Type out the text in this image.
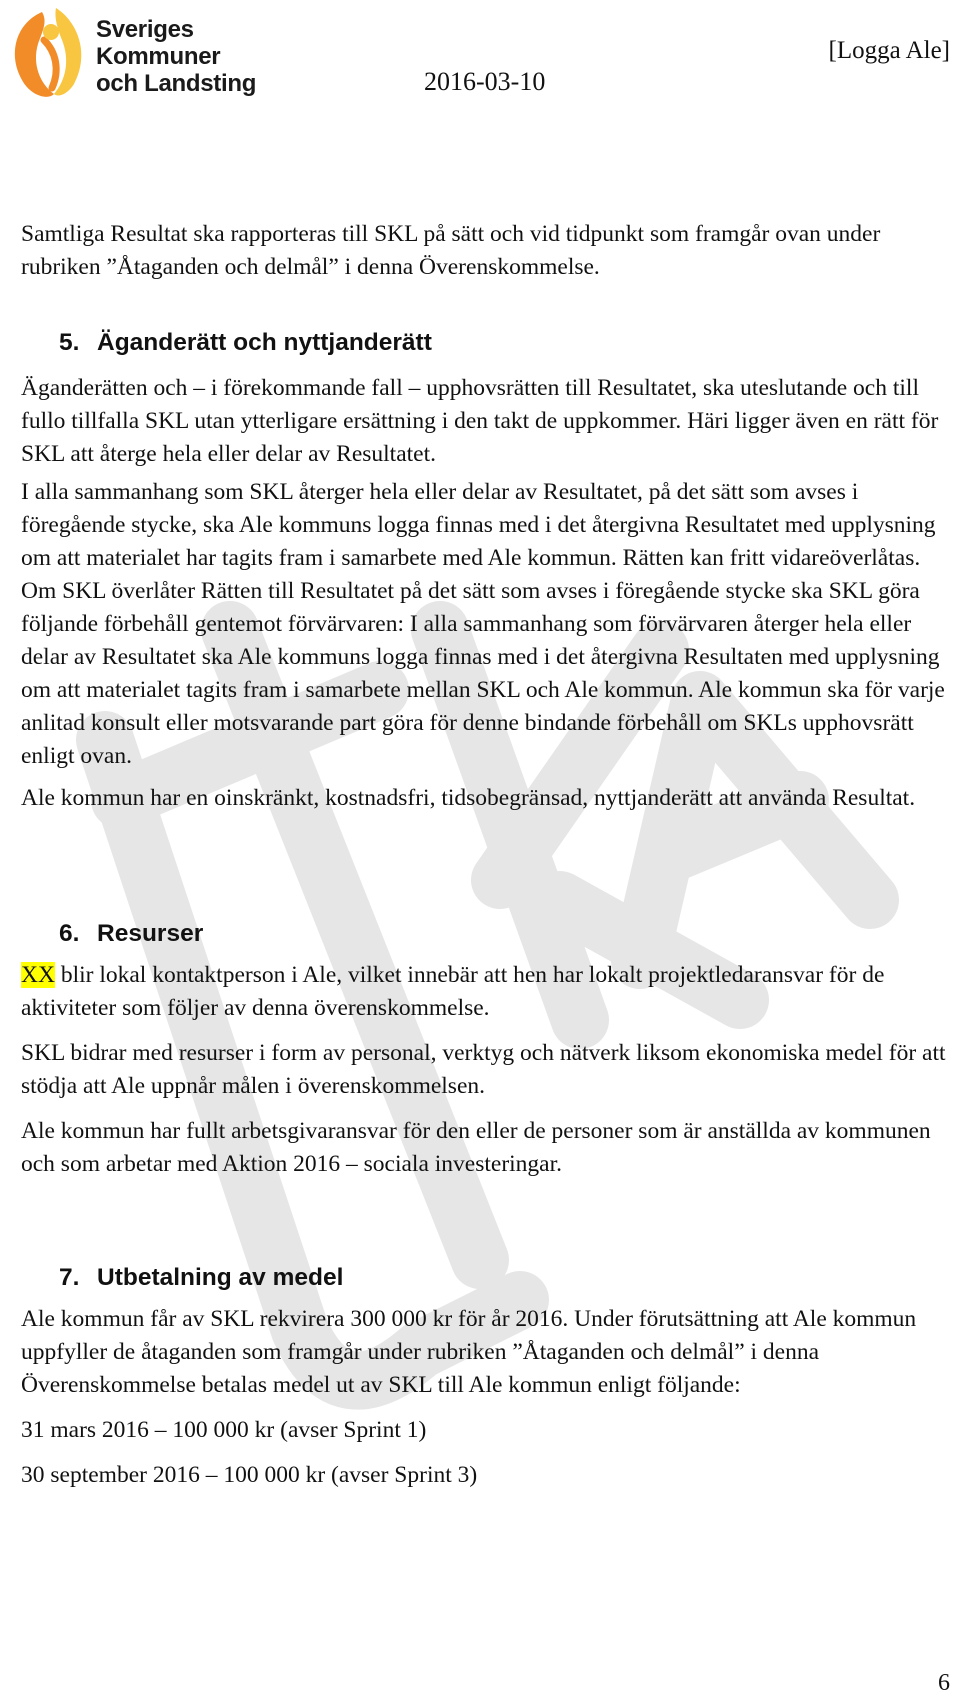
Sveriges
Kommuner
och Landsting	2016-03-10
[Logga Ale]

Samtliga Resultat ska rapporteras till SKL på sätt och vid tidpunkt som framgår ovan under rubriken ”Åtaganden och delmål” i denna Överenskommelse.

5. Äganderätt och nyttjanderätt

Äganderätten och – i förekommande fall – upphovsrätten till Resultatet, ska uteslutande och till fullo tillfalla SKL utan ytterligare ersättning i den takt de uppkommer. Häri ligger även en rätt för SKL att återge hela eller delar av Resultatet.

I alla sammanhang som SKL återger hela eller delar av Resultatet, på det sätt som avses i föregående stycke, ska Ale kommuns logga finnas med i det återgivna Resultatet med upplysning om att materialet har tagits fram i samarbete med Ale kommun. Rätten kan fritt vidareöverlåtas. Om SKL överlåter Rätten till Resultatet på det sätt som avses i föregående stycke ska SKL göra följande förbehåll gentemot förvärvaren: I alla sammanhang som förvärvaren återger hela eller delar av Resultatet ska Ale kommuns logga finnas med i det återgivna Resultaten med upplysning om att materialet tagits fram i samarbete mellan SKL och Ale kommun. Ale kommun ska för varje anlitad konsult eller motsvarande part göra för denne bindande förbehåll om SKLs upphovsrätt enligt ovan.

Ale kommun har en oinskränkt, kostnadsfri, tidsobegränsad, nyttjanderätt att använda Resultat.

6. Resurser

XX blir lokal kontaktperson i Ale, vilket innebär att hen har lokalt projektledaransvar för de aktiviteter som följer av denna överenskommelse.

SKL bidrar med resurser i form av personal, verktyg och nätverk liksom ekonomiska medel för att stödja att Ale uppnår målen i överenskommelsen.

Ale kommun har fullt arbetsgivaransvar för den eller de personer som är anställda av kommunen och som arbetar med Aktion 2016 – sociala investeringar.

7. Utbetalning av medel

Ale kommun får av SKL rekvirera 300 000 kr för år 2016. Under förutsättning att Ale kommun uppfyller de åtaganden som framgår under rubriken ”Åtaganden och delmål” i denna Överenskommelse betalas medel ut av SKL till Ale kommun enligt följande:

31 mars 2016 – 100 000 kr (avser Sprint 1)

30 september 2016 – 100 000 kr (avser Sprint 3)

6
